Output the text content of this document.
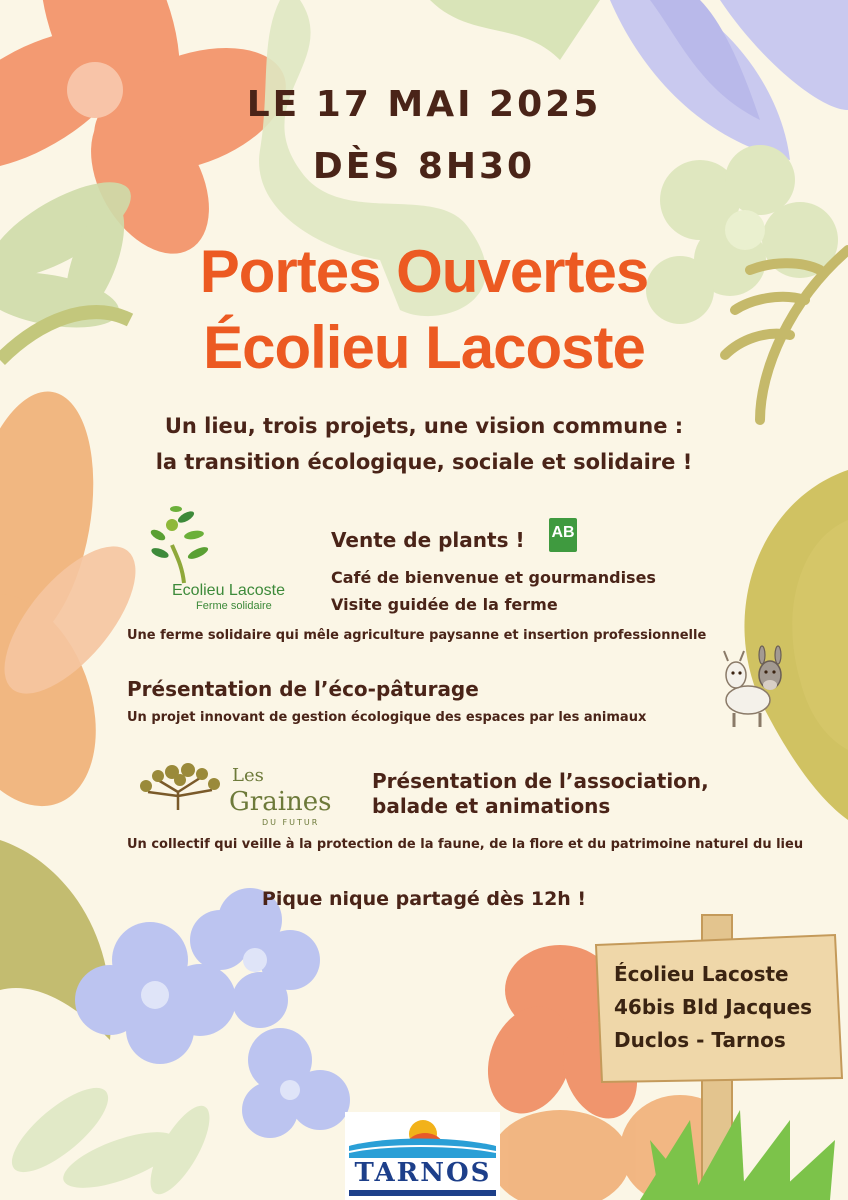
LE 17 MAI 2025
DÈS 8H30
Portes Ouvertes
Écolieu Lacoste
Un lieu, trois projets, une vision commune :
la transition écologique, sociale et solidaire !
Ecolieu Lacoste
Ferme solidaire
Vente de plants ! AB
Café de bienvenue et gourmandises
Visite guidée de la ferme
Une ferme solidaire qui mêle agriculture paysanne et insertion professionnelle
Présentation de l’éco-pâturage
Un projet innovant de gestion écologique des espaces par les animaux
Les
Graines
DU FUTUR
Présentation de l’association,
balade et animations
Un collectif qui veille à la protection de la faune, de la flore et du patrimoine naturel du lieu
Pique nique partagé dès 12h !
Écolieu Lacoste
46bis Bld Jacques
Duclos - Tarnos
TARNOS
